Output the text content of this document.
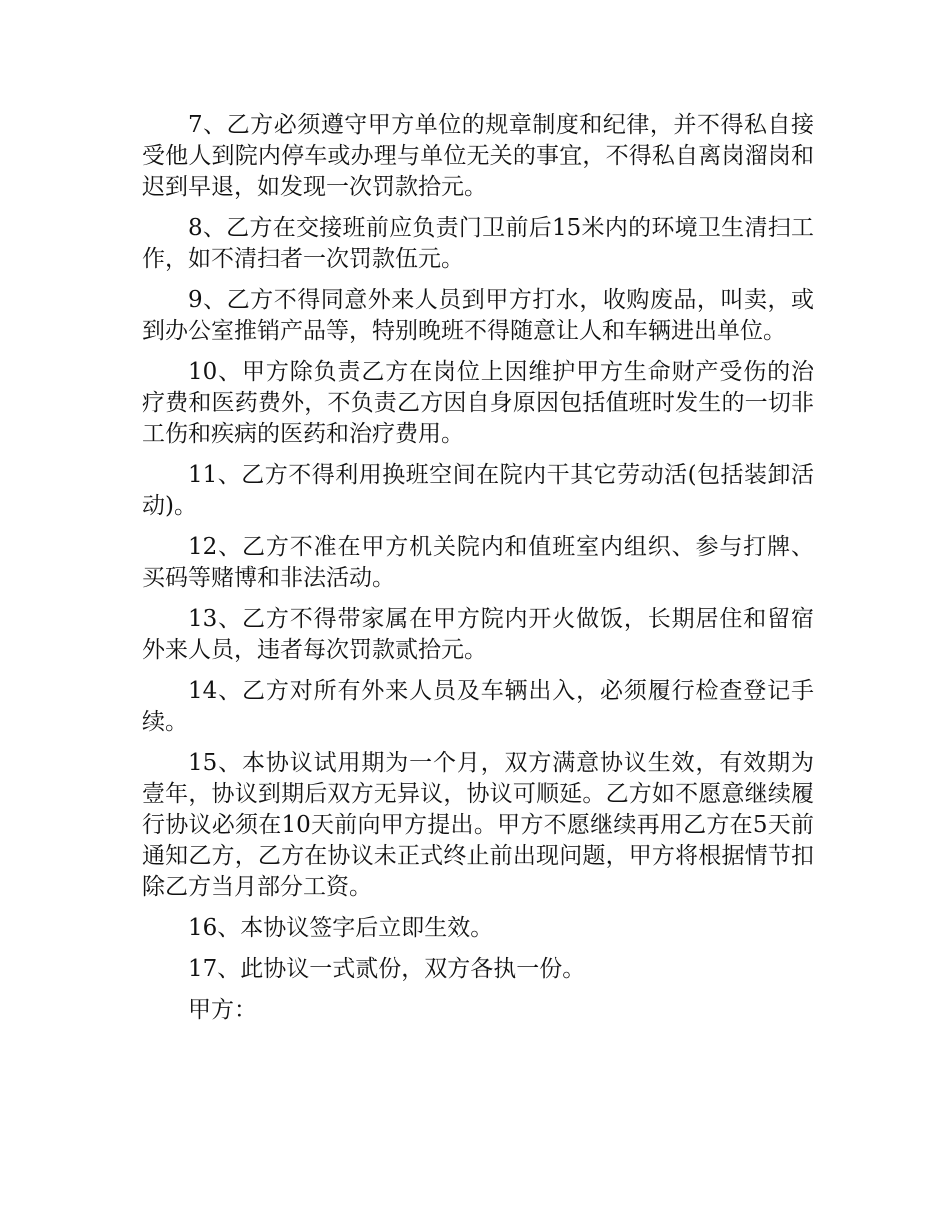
7、乙方必须遵守甲方单位的规章制度和纪律，并不得私自接受他人到院内停车或办理与单位无关的事宜，不得私自离岗溜岗和迟到早退，如发现一次罚款拾元。

8、乙方在交接班前应负责门卫前后15米内的环境卫生清扫工作，如不清扫者一次罚款伍元。

9、乙方不得同意外来人员到甲方打水，收购废品，叫卖，或到办公室推销产品等，特别晚班不得随意让人和车辆进出单位。

10、甲方除负责乙方在岗位上因维护甲方生命财产受伤的治疗费和医药费外，不负责乙方因自身原因包括值班时发生的一切非工伤和疾病的医药和治疗费用。

11、乙方不得利用换班空间在院内干其它劳动活(包括装卸活动)。

12、乙方不准在甲方机关院内和值班室内组织、参与打牌、买码等赌博和非法活动。

13、乙方不得带家属在甲方院内开火做饭，长期居住和留宿外来人员，违者每次罚款贰拾元。

14、乙方对所有外来人员及车辆出入，必须履行检查登记手续。

15、本协议试用期为一个月，双方满意协议生效，有效期为壹年，协议到期后双方无异议，协议可顺延。乙方如不愿意继续履行协议必须在10天前向甲方提出。甲方不愿继续再用乙方在5天前通知乙方，乙方在协议未正式终止前出现问题，甲方将根据情节扣除乙方当月部分工资。

16、本协议签字后立即生效。

17、此协议一式贰份，双方各执一份。

甲方：
